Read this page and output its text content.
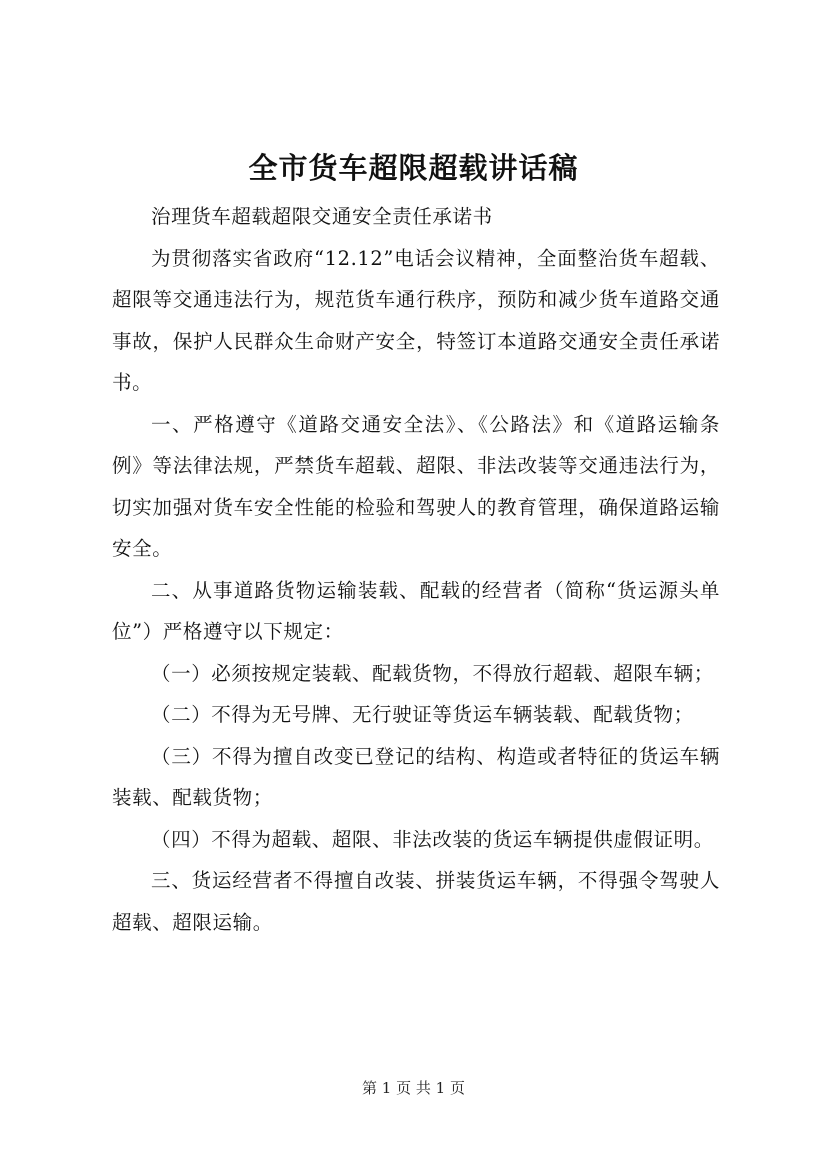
全市货车超限超载讲话稿

治理货车超载超限交通安全责任承诺书

为贯彻落实省政府“12.12”电话会议精神，全面整治货车超载、超限等交通违法行为，规范货车通行秩序，预防和减少货车道路交通事故，保护人民群众生命财产安全，特签订本道路交通安全责任承诺书。

一、严格遵守《道路交通安全法》、《公路法》和《道路运输条例》等法律法规，严禁货车超载、超限、非法改装等交通违法行为，切实加强对货车安全性能的检验和驾驶人的教育管理，确保道路运输安全。

二、从事道路货物运输装载、配载的经营者（简称“货运源头单位”）严格遵守以下规定：

（一）必须按规定装载、配载货物，不得放行超载、超限车辆；

（二）不得为无号牌、无行驶证等货运车辆装载、配载货物；

（三）不得为擅自改变已登记的结构、构造或者特征的货运车辆装载、配载货物；

（四）不得为超载、超限、非法改装的货运车辆提供虚假证明。

三、货运经营者不得擅自改装、拼装货运车辆，不得强令驾驶人超载、超限运输。

第 1 页 共 1 页
